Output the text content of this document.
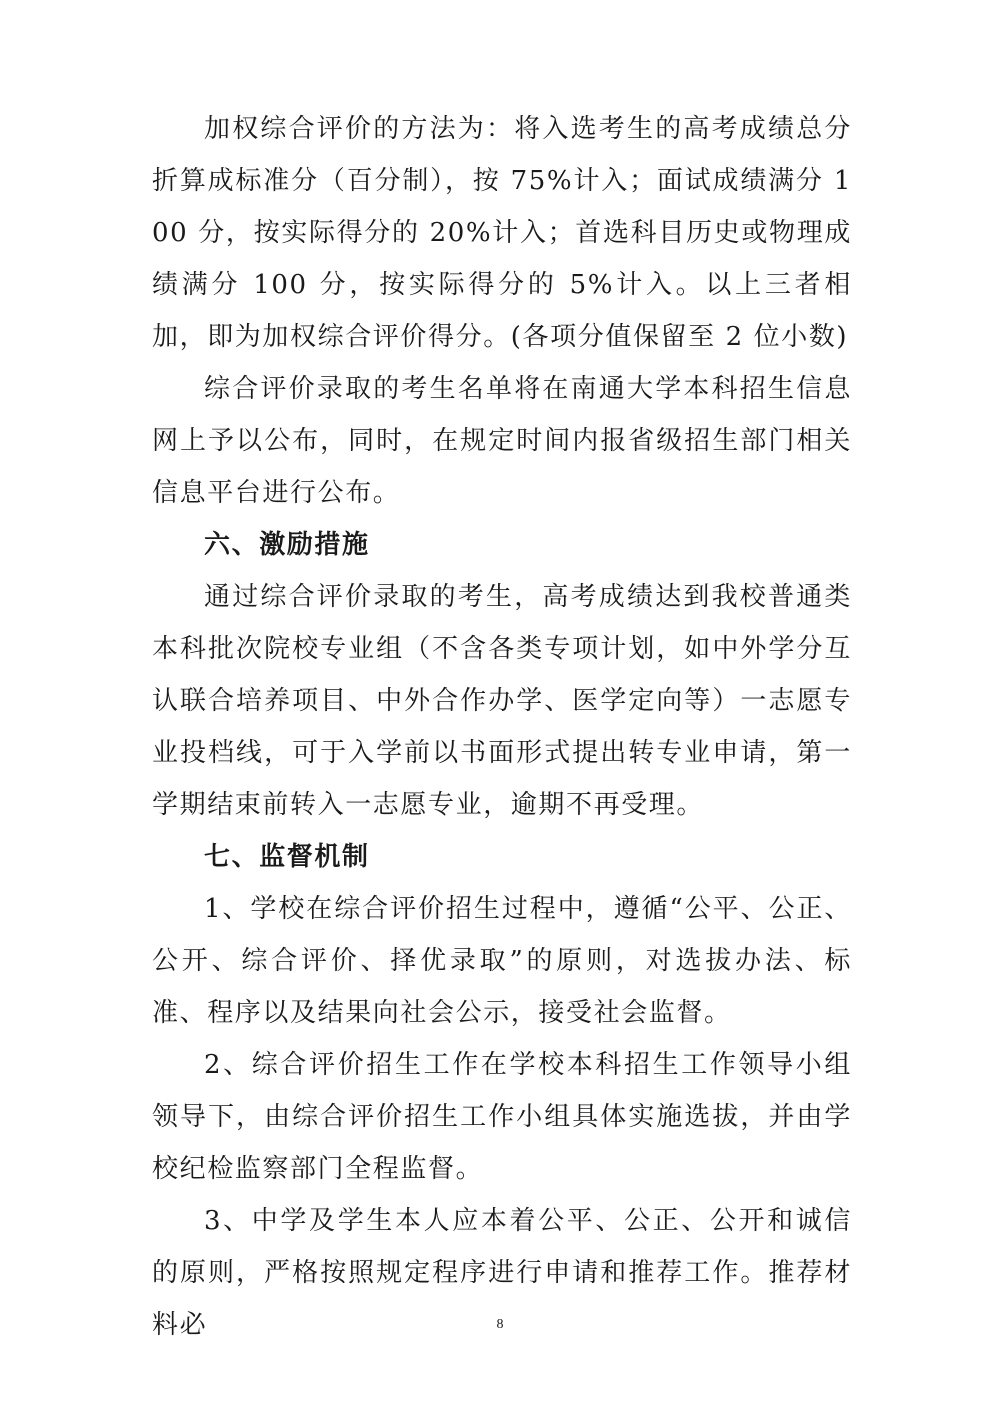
加权综合评价的方法为：将入选考生的高考成绩总分折算成标准分（百分制），按 75%计入；面试成绩满分 100 分，按实际得分的 20%计入；首选科目历史或物理成绩满分 100 分，按实际得分的 5%计入。以上三者相加，即为加权综合评价得分。(各项分值保留至 2 位小数)

综合评价录取的考生名单将在南通大学本科招生信息网上予以公布，同时，在规定时间内报省级招生部门相关信息平台进行公布。

六、激励措施

通过综合评价录取的考生，高考成绩达到我校普通类本科批次院校专业组（不含各类专项计划，如中外学分互认联合培养项目、中外合作办学、医学定向等）一志愿专业投档线，可于入学前以书面形式提出转专业申请，第一学期结束前转入一志愿专业，逾期不再受理。

七、监督机制

1、学校在综合评价招生过程中，遵循“公平、公正、公开、综合评价、择优录取”的原则，对选拔办法、标准、程序以及结果向社会公示，接受社会监督。

2、综合评价招生工作在学校本科招生工作领导小组领导下，由综合评价招生工作小组具体实施选拔，并由学校纪检监察部门全程监督。

3、中学及学生本人应本着公平、公正、公开和诚信的原则，严格按照规定程序进行申请和推荐工作。推荐材料必	8
